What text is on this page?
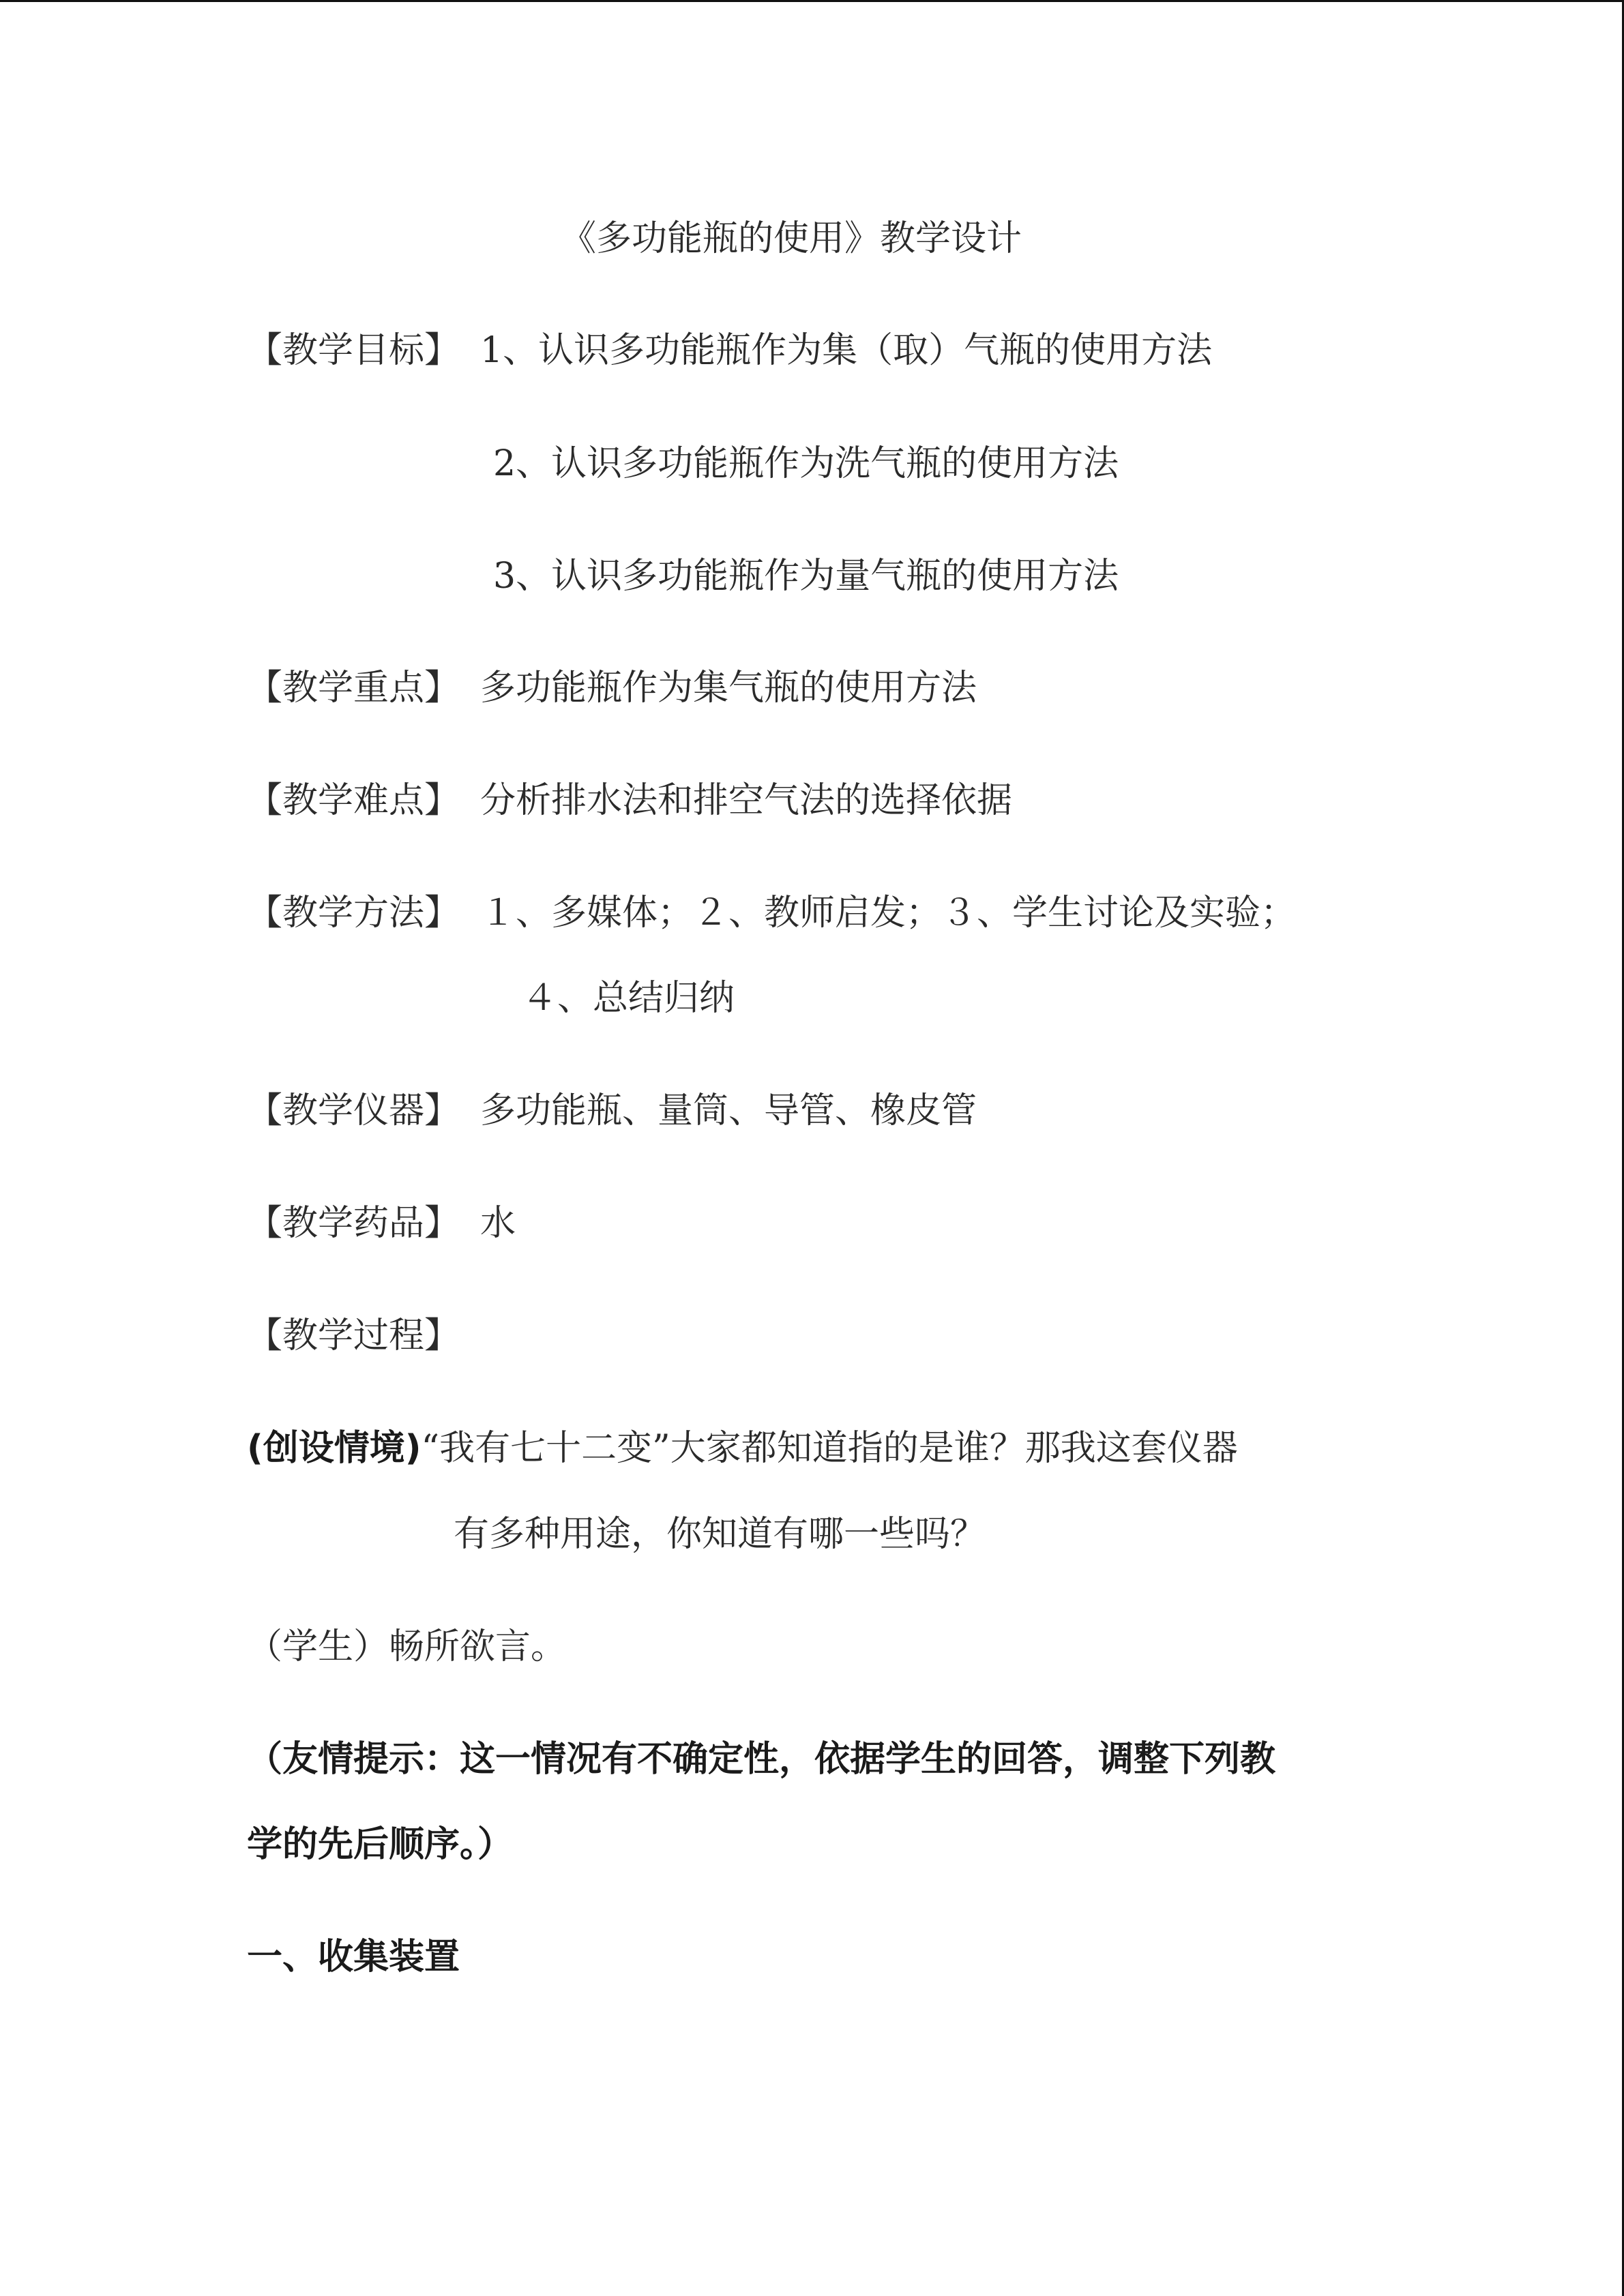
《多功能瓶的使用》教学设计
【教学目标】 1、认识多功能瓶作为集（取）气瓶的使用方法
2、认识多功能瓶作为洗气瓶的使用方法
3、认识多功能瓶作为量气瓶的使用方法
【教学重点】 多功能瓶作为集气瓶的使用方法
【教学难点】 分析排水法和排空气法的选择依据
【教学方法】 １、多媒体；２、教师启发；３、学生讨论及实验；
４、总结归纳
【教学仪器】 多功能瓶、量筒、导管、橡皮管
【教学药品】 水
【教学过程】
(创设情境)“我有七十二变”大家都知道指的是谁？那我这套仪器
有多种用途，你知道有哪一些吗？
（学生）畅所欲言。
（友情提示：这一情况有不确定性，依据学生的回答，调整下列教
学的先后顺序。）
一、收集装置
